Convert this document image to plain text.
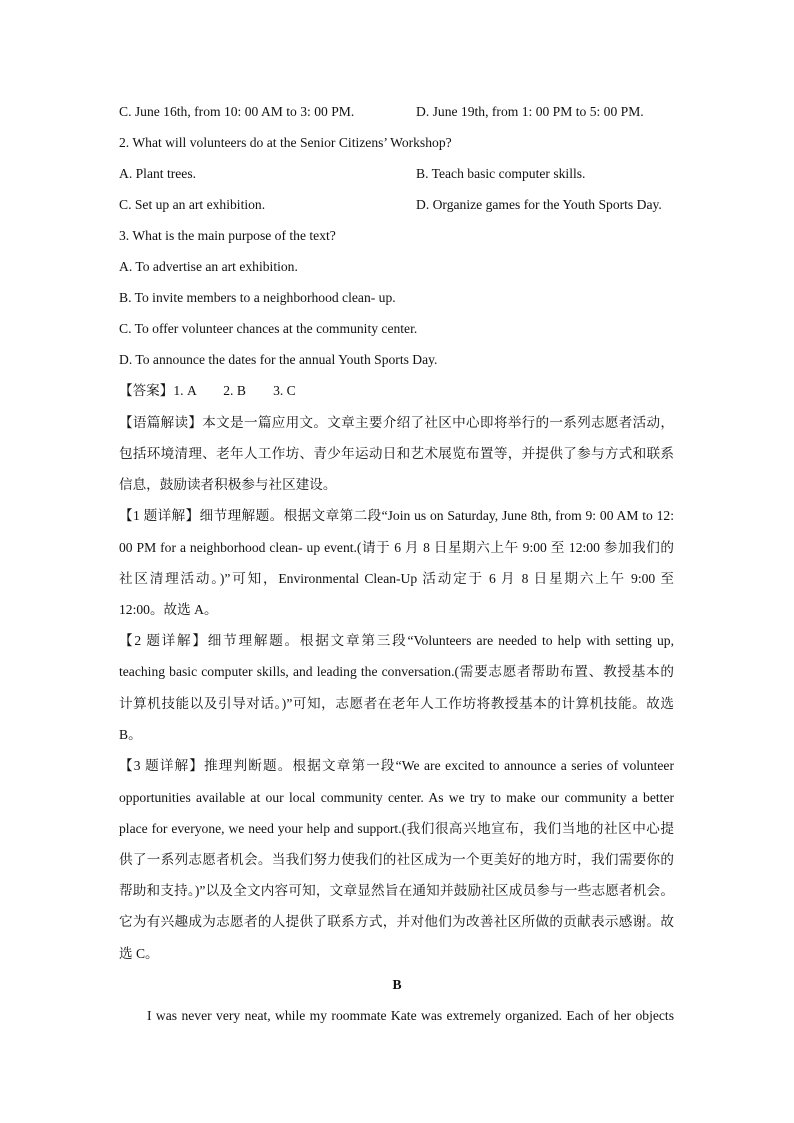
C. June 16th, from 10: 00 AM to 3: 00 PM.	D. June 19th, from 1: 00 PM to 5: 00 PM.
2. What will volunteers do at the Senior Citizens’ Workshop?
A. Plant trees.	B. Teach basic computer skills.
C. Set up an art exhibition.	D. Organize games for the Youth Sports Day.
3. What is the main purpose of the text?
A. To advertise an art exhibition.
B. To invite members to a neighborhood clean- up.
C. To offer volunteer chances at the community center.
D. To announce the dates for the annual Youth Sports Day.
【答案】1. A　　2. B　　3. C
【语篇解读】本文是一篇应用文。文章主要介绍了社区中心即将举行的一系列志愿者活动，
包括环境清理、老年人工作坊、青少年运动日和艺术展览布置等，并提供了参与方式和联系
信息，鼓励读者积极参与社区建设。
【1 题详解】细节理解题。根据文章第二段“Join us on Saturday, June 8th, from 9: 00 AM to 12:
00 PM for a neighborhood clean- up event.(请于 6 月 8 日星期六上午 9:00 至 12:00 参加我们的
社区清理活动。)”可知，Environmental Clean-Up 活动定于 6 月 8 日星期六上午 9:00 至
12:00。故选 A。
【2 题详解】细节理解题。根据文章第三段“Volunteers are needed to help with setting up,
teaching basic computer skills, and leading the conversation.(需要志愿者帮助布置、教授基本的
计算机技能以及引导对话。)”可知，志愿者在老年人工作坊将教授基本的计算机技能。故选
B。
【3 题详解】推理判断题。根据文章第一段“We are excited to announce a series of volunteer
opportunities available at our local community center. As we try to make our community a better
place for everyone, we need your help and support.(我们很高兴地宣布，我们当地的社区中心提
供了一系列志愿者机会。当我们努力使我们的社区成为一个更美好的地方时，我们需要你的
帮助和支持。)”以及全文内容可知，文章显然旨在通知并鼓励社区成员参与一些志愿者机会。
它为有兴趣成为志愿者的人提供了联系方式，并对他们为改善社区所做的贡献表示感谢。故
选 C。
B
I was never very neat, while my roommate Kate was extremely organized. Each of her objects
